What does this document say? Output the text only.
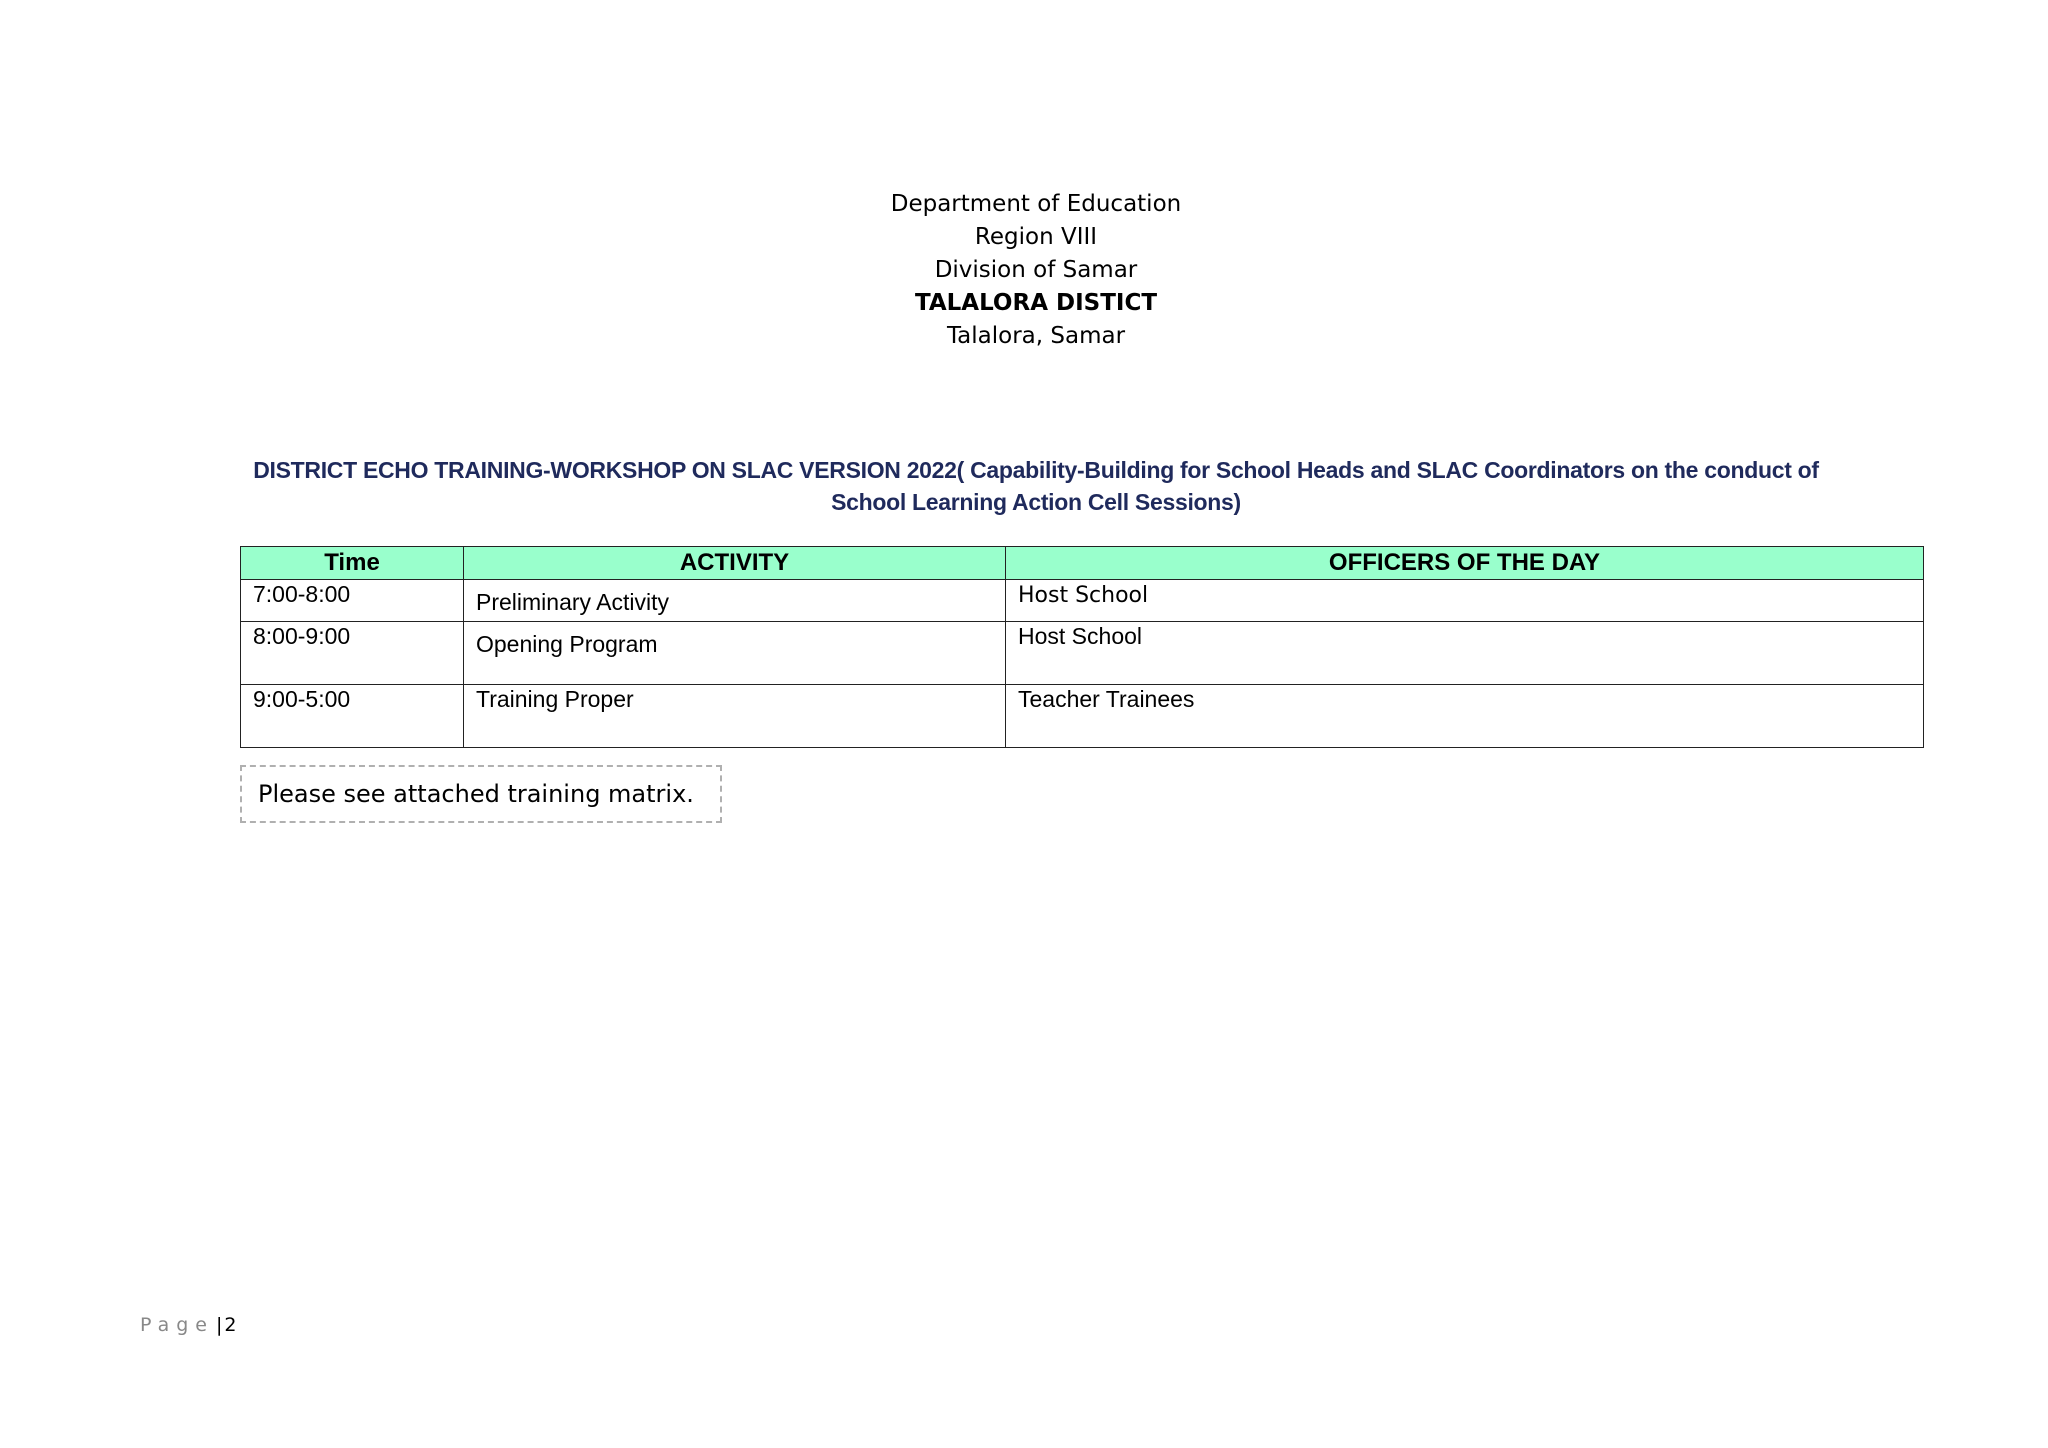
Department of Education
Region VIII
Division of Samar
TALALORA DISTICT
Talalora, Samar
DISTRICT ECHO TRAINING-WORKSHOP ON SLAC VERSION 2022( Capability-Building for School Heads and SLAC Coordinators on the conduct of School Learning Action Cell Sessions)
Time	ACTIVITY	OFFICERS OF THE DAY

7:00-8:00	Preliminary Activity	Host School

8:00-9:00	Opening Program	Host School

9:00-5:00	Training Proper	Teacher Trainees
Please see attached training matrix.
Page | 2
